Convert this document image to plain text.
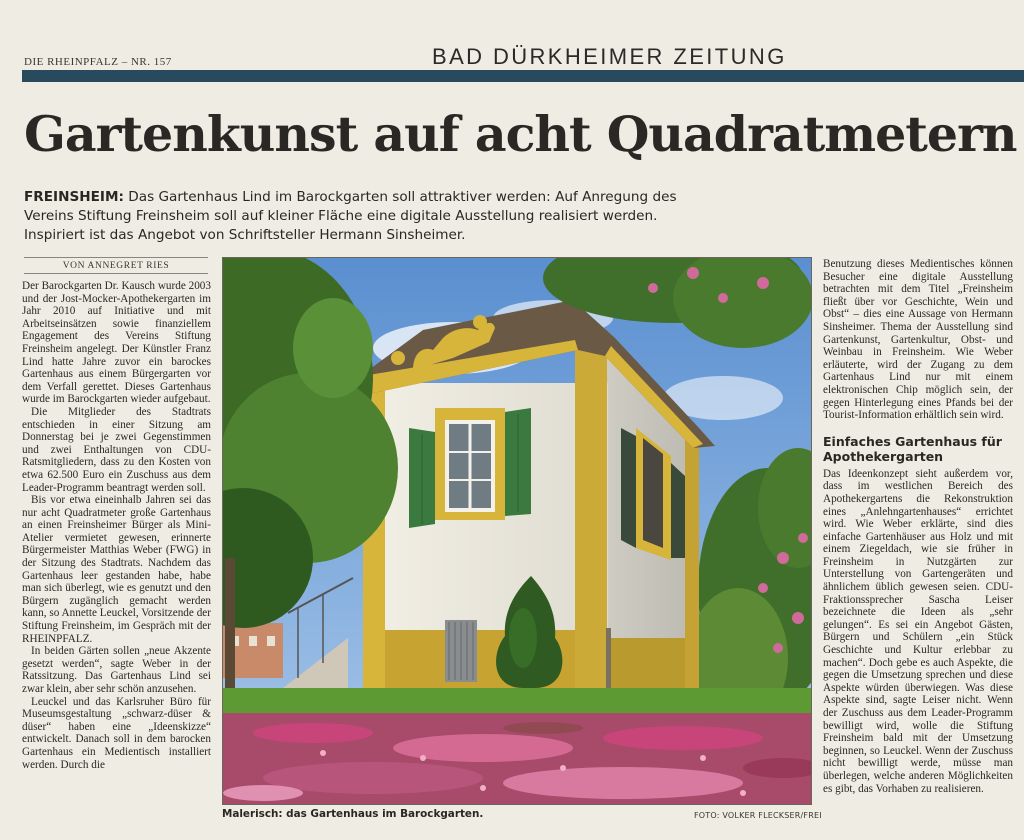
DIE RHEINPFALZ – NR. 157	BAD DÜRKHEIMER ZEITUNG
Gartenkunst auf acht Quadratmetern
FREINSHEIM: Das Gartenhaus Lind im Barockgarten soll attraktiver werden: Auf Anregung des Vereins Stiftung Freinsheim soll auf kleiner Fläche eine digitale Ausstellung realisiert werden. Inspiriert ist das Angebot von Schriftsteller Hermann Sinsheimer.
VON ANNEGRET RIES

Der Barockgarten Dr. Kausch wurde 2003 und der Jost-Mocker-Apothekergarten im Jahr 2010 auf Initiative und mit Arbeitseinsätzen sowie finanziellem Engagement des Vereins Stiftung Freinsheim angelegt. Der Künstler Franz Lind hatte Jahre zuvor ein barockes Gartenhaus aus einem Bürgergarten vor dem Verfall gerettet. Dieses Gartenhaus wurde im Barockgarten wieder aufgebaut.

Die Mitglieder des Stadtrats entschieden in einer Sitzung am Donnerstag bei je zwei Gegenstimmen und zwei Enthaltungen von CDU-Ratsmitgliedern, dass zu den Kosten von etwa 62.500 Euro ein Zuschuss aus dem Leader-Programm beantragt werden soll.

Bis vor etwa eineinhalb Jahren sei das nur acht Quadratmeter große Gartenhaus an einen Freinsheimer Bürger als Mini-Atelier vermietet gewesen, erinnerte Bürgermeister Matthias Weber (FWG) in der Sitzung des Stadtrats. Nachdem das Gartenhaus leer gestanden habe, habe man sich überlegt, wie es genutzt und den Bürgern zugänglich gemacht werden kann, so Annette Leuckel, Vorsitzende der Stiftung Freinsheim, im Gespräch mit der RHEINPFALZ.

In beiden Gärten sollen „neue Akzente gesetzt werden“, sagte Weber in der Ratssitzung. Das Gartenhaus Lind sei zwar klein, aber sehr schön anzusehen.

Leuckel und das Karlsruher Büro für Museumsgestaltung „schwarz-düser & düser“ haben eine „Ideenskizze“ entwickelt. Danach soll in dem barocken Gartenhaus ein Medientisch installiert werden. Durch die

Malerisch: das Gartenhaus im Barockgarten.	FOTO: VOLKER FLECKSER/FREI

Benutzung dieses Medientisches können Besucher eine digitale Ausstellung betrachten mit dem Titel „Freinsheim fließt über vor Geschichte, Wein und Obst“ – dies eine Aussage von Hermann Sinsheimer. Thema der Ausstellung sind Gartenkunst, Gartenkultur, Obst- und Weinbau in Freinsheim. Wie Weber erläuterte, wird der Zugang zu dem Gartenhaus Lind nur mit einem elektronischen Chip möglich sein, der gegen Hinterlegung eines Pfands bei der Tourist-Information erhältlich sein wird.

Einfaches Gartenhaus für Apothekergarten

Das Ideenkonzept sieht außerdem vor, dass im westlichen Bereich des Apothekergartens die Rekonstruktion eines „Anlehngartenhauses“ errichtet wird. Wie Weber erklärte, sind dies einfache Gartenhäuser aus Holz und mit einem Ziegeldach, wie sie früher in Freinsheim in Nutzgärten zur Unterstellung von Gartengeräten und ähnlichem üblich gewesen seien. CDU-Fraktionssprecher Sascha Leiser bezeichnete die Ideen als „sehr gelungen“. Es sei ein Angebot Gästen, Bürgern und Schülern „ein Stück Geschichte und Kultur erlebbar zu machen“. Doch gebe es auch Aspekte, die gegen die Umsetzung sprechen und diese Aspekte würden überwiegen. Was diese Aspekte sind, sagte Leiser nicht. Wenn der Zuschuss aus dem Leader-Programm bewilligt wird, wolle die Stiftung Freinsheim bald mit der Umsetzung beginnen, so Leuckel. Wenn der Zuschuss nicht bewilligt werde, müsse man überlegen, welche anderen Möglichkeiten es gibt, das Vorhaben zu realisieren.
